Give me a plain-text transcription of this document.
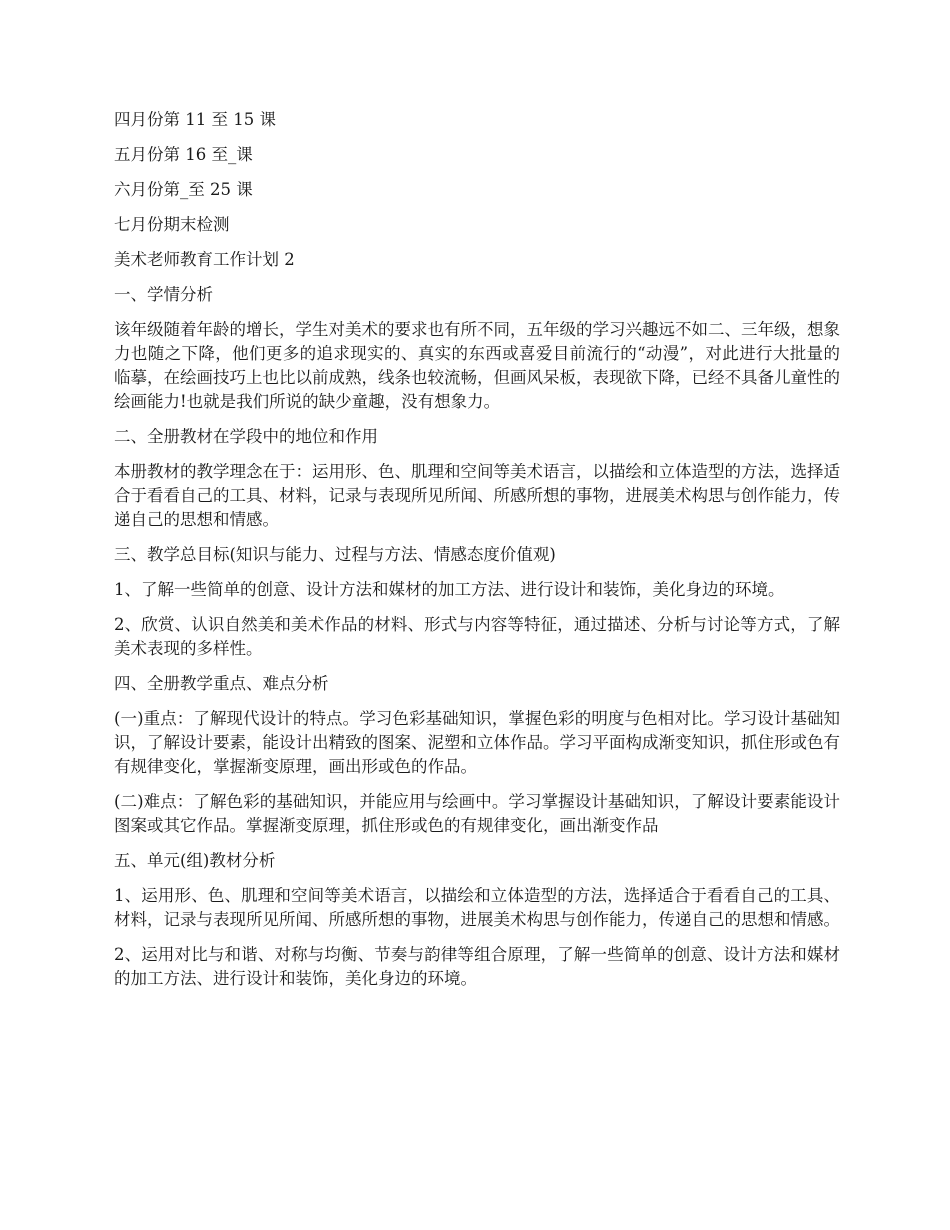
四月份第 11 至 15 课

五月份第 16 至_课

六月份第_至 25 课

七月份期末检测

美术老师教育工作计划 2

一、学情分析

该年级随着年龄的增长，学生对美术的要求也有所不同，五年级的学习兴趣远不如二、三年级，想象力也随之下降，他们更多的追求现实的、真实的东西或喜爱目前流行的“动漫”，对此进行大批量的临摹，在绘画技巧上也比以前成熟，线条也较流畅，但画风呆板，表现欲下降，已经不具备儿童性的绘画能力!也就是我们所说的缺少童趣，没有想象力。

二、全册教材在学段中的地位和作用

本册教材的教学理念在于：运用形、色、肌理和空间等美术语言，以描绘和立体造型的方法，选择适合于看看自己的工具、材料，记录与表现所见所闻、所感所想的事物，进展美术构思与创作能力，传递自己的思想和情感。

三、教学总目标(知识与能力、过程与方法、情感态度价值观)

1、了解一些简单的创意、设计方法和媒材的加工方法、进行设计和装饰，美化身边的环境。

2、欣赏、认识自然美和美术作品的材料、形式与内容等特征，通过描述、分析与讨论等方式，了解美术表现的多样性。

四、全册教学重点、难点分析

(一)重点：了解现代设计的特点。学习色彩基础知识，掌握色彩的明度与色相对比。学习设计基础知识，了解设计要素，能设计出精致的图案、泥塑和立体作品。学习平面构成渐变知识，抓住形或色有有规律变化，掌握渐变原理，画出形或色的作品。

(二)难点：了解色彩的基础知识，并能应用与绘画中。学习掌握设计基础知识，了解设计要素能设计图案或其它作品。掌握渐变原理，抓住形或色的有规律变化，画出渐变作品

五、单元(组)教材分析

1、运用形、色、肌理和空间等美术语言，以描绘和立体造型的方法，选择适合于看看自己的工具、材料，记录与表现所见所闻、所感所想的事物，进展美术构思与创作能力，传递自己的思想和情感。

2、运用对比与和谐、对称与均衡、节奏与韵律等组合原理，了解一些简单的创意、设计方法和媒材的加工方法、进行设计和装饰，美化身边的环境。
